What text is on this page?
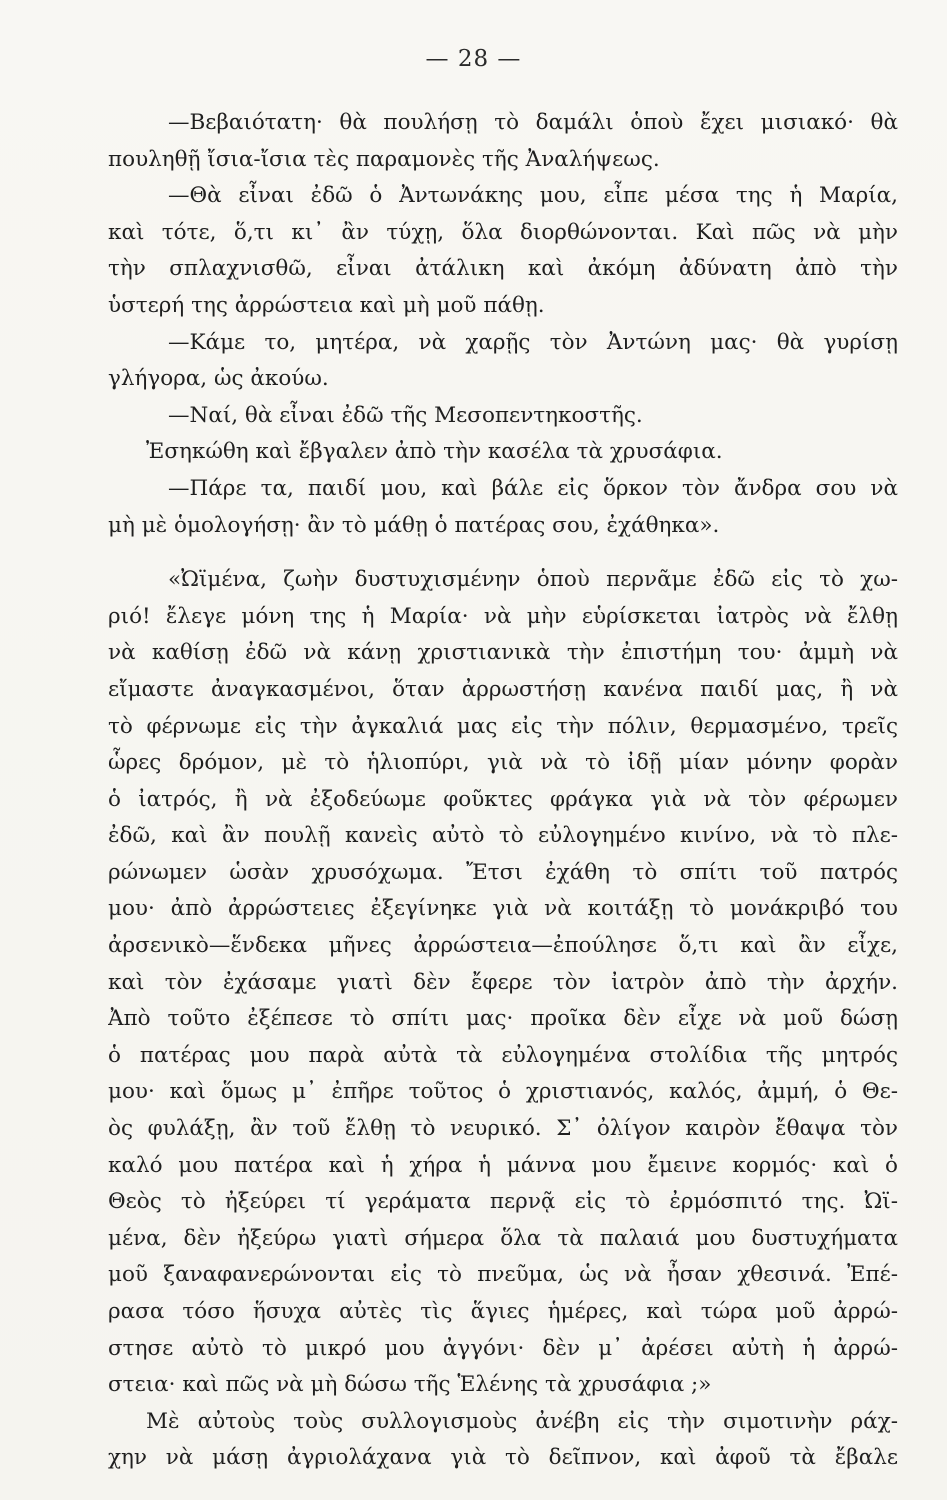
— 28 —
—Βεβαιότατη· θὰ πουλήσῃ τὸ δαμάλι ὁποὺ ἔχει μισιακό· θὰ
πουληθῇ ἴσια-ἴσια τὲς παραμονὲς τῆς Ἀναλήψεως.
—Θὰ εἶναι ἐδῶ ὁ Ἀντωνάκης μου, εἶπε μέσα της ἡ Μαρία,
καὶ τότε, ὅ,τι κι᾿ ἂν τύχῃ, ὅλα διορθώνονται. Καὶ πῶς νὰ μὴν
τὴν σπλαχνισθῶ, εἶναι ἀτάλικη καὶ ἀκόμη ἀδύνατη ἀπὸ τὴν
ὑστερή της ἀρρώστεια καὶ μὴ μοῦ πάθῃ.
—Κάμε το, μητέρα, νὰ χαρῇς τὸν Ἀντώνη μας· θὰ γυρίσῃ
γλήγορα, ὡς ἀκούω.
—Ναί, θὰ εἶναι ἐδῶ τῆς Μεσοπεντηκοστῆς.
Ἐσηκώθη καὶ ἔβγαλεν ἀπὸ τὴν κασέλα τὰ χρυσάφια.
—Πάρε τα, παιδί μου, καὶ βάλε εἰς ὅρκον τὸν ἄνδρα σου νὰ
μὴ μὲ ὁμολογήσῃ· ἂν τὸ μάθῃ ὁ πατέρας σου, ἐχάθηκα».
«Ὠϊμένα, ζωὴν δυστυχισμένην ὁποὺ περνᾶμε ἐδῶ εἰς τὸ χω-
ριό! ἔλεγε μόνη της ἡ Μαρία· νὰ μὴν εὑρίσκεται ἰατρὸς νὰ ἔλθῃ
νὰ καθίσῃ ἐδῶ νὰ κάνῃ χριστιανικὰ τὴν ἐπιστήμη του· ἀμμὴ νὰ
εἴμαστε ἀναγκασμένοι, ὅταν ἀρρωστήσῃ κανένα παιδί μας, ἢ νὰ
τὸ φέρνωμε εἰς τὴν ἀγκαλιά μας εἰς τὴν πόλιν, θερμασμένο, τρεῖς
ὧρες δρόμον, μὲ τὸ ἡλιοπύρι, γιὰ νὰ τὸ ἰδῇ μίαν μόνην φορὰν
ὁ ἰατρός, ἢ νὰ ἐξοδεύωμε φοῦκτες φράγκα γιὰ νὰ τὸν φέρωμεν
ἐδῶ, καὶ ἂν πουλῇ κανεὶς αὐτὸ τὸ εὐλογημένο κινίνο, νὰ τὸ πλε-
ρώνωμεν ὡσὰν χρυσόχωμα. Ἔτσι ἐχάθη τὸ σπίτι τοῦ πατρός
μου· ἀπὸ ἀρρώστειες ἐξεγίνηκε γιὰ νὰ κοιτάξῃ τὸ μονάκριβό του
ἀρσενικὸ—ἕνδεκα μῆνες ἀρρώστεια—ἐπούλησε ὅ,τι καὶ ἂν εἶχε,
καὶ τὸν ἐχάσαμε γιατὶ δὲν ἔφερε τὸν ἰατρὸν ἀπὸ τὴν ἀρχήν.
Ἀπὸ τοῦτο ἐξέπεσε τὸ σπίτι μας· προῖκα δὲν εἶχε νὰ μοῦ δώσῃ
ὁ πατέρας μου παρὰ αὐτὰ τὰ εὐλογημένα στολίδια τῆς μητρός
μου· καὶ ὅμως μ᾿ ἐπῆρε τοῦτος ὁ χριστιανός, καλός, ἀμμή, ὁ Θε-
ὸς φυλάξῃ, ἂν τοῦ ἔλθῃ τὸ νευρικό. Σ᾿ ὀλίγον καιρὸν ἔθαψα τὸν
καλό μου πατέρα καὶ ἡ χήρα ἡ μάννα μου ἔμεινε κορμός· καὶ ὁ
Θεὸς τὸ ἠξεύρει τί γεράματα περνᾷ εἰς τὸ ἐρμόσπιτό της. Ὠϊ-
μένα, δὲν ἠξεύρω γιατὶ σήμερα ὅλα τὰ παλαιά μου δυστυχήματα
μοῦ ξαναφανερώνονται εἰς τὸ πνεῦμα, ὡς νὰ ἦσαν χθεσινά. Ἐπέ-
ρασα τόσο ἥσυχα αὐτὲς τὶς ἅγιες ἡμέρες, καὶ τώρα μοῦ ἀρρώ-
στησε αὐτὸ τὸ μικρό μου ἀγγόνι· δὲν μ᾿ ἀρέσει αὐτὴ ἡ ἀρρώ-
στεια· καὶ πῶς νὰ μὴ δώσω τῆς Ἑλένης τὰ χρυσάφια ;»
Μὲ αὐτοὺς τοὺς συλλογισμοὺς ἀνέβη εἰς τὴν σιμοτινὴν ράχ-
χην νὰ μάσῃ ἀγριολάχανα γιὰ τὸ δεῖπνον, καὶ ἀφοῦ τὰ ἔβαλε
